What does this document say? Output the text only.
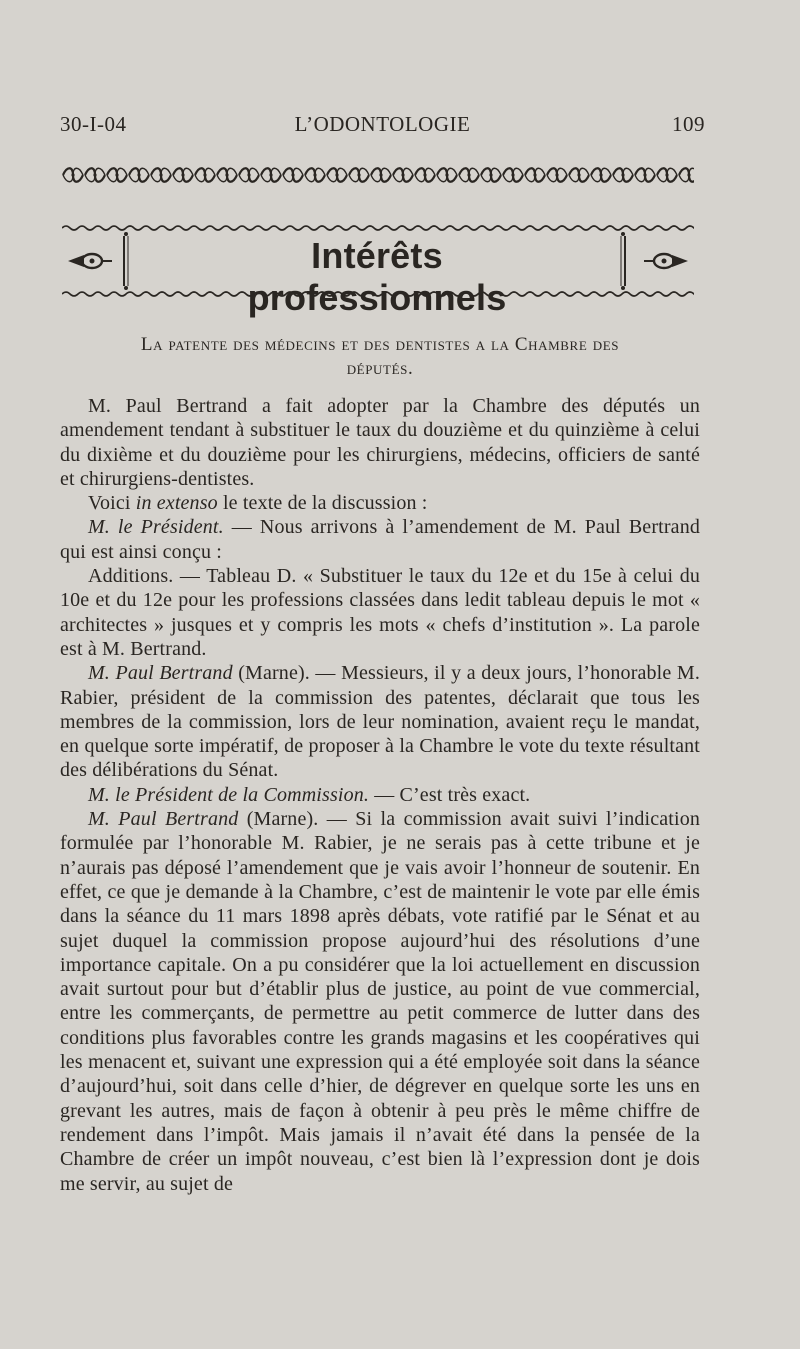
30-I-04	L’ODONTOLOGIE	109
Intérêts professionnels
La patente des médecins et des dentistes a la Chambre des
députés.

M. Paul Bertrand a fait adopter par la Chambre des députés un amendement tendant à substituer le taux du douzième et du quinzième à celui du dixième et du douzième pour les chirurgiens, médecins, officiers de santé et chirurgiens-dentistes.

Voici in extenso le texte de la discussion :

M. le Président. — Nous arrivons à l’amendement de M. Paul Bertrand qui est ainsi conçu :

Additions. — Tableau D. « Substituer le taux du 12e et du 15e à celui du 10e et du 12e pour les professions classées dans ledit tableau depuis le mot « architectes » jusques et y compris les mots « chefs d’institution ». La parole est à M. Bertrand.

M. Paul Bertrand (Marne). — Messieurs, il y a deux jours, l’honorable M. Rabier, président de la commission des patentes, déclarait que tous les membres de la commission, lors de leur nomination, avaient reçu le mandat, en quelque sorte impératif, de proposer à la Chambre le vote du texte résultant des délibérations du Sénat.

M. le Président de la Commission. — C’est très exact.

M. Paul Bertrand (Marne). — Si la commission avait suivi l’indication formulée par l’honorable M. Rabier, je ne serais pas à cette tribune et je n’aurais pas déposé l’amendement que je vais avoir l’honneur de soutenir. En effet, ce que je demande à la Chambre, c’est de maintenir le vote par elle émis dans la séance du 11 mars 1898 après débats, vote ratifié par le Sénat et au sujet duquel la commission propose aujourd’hui des résolutions d’une importance capitale. On a pu considérer que la loi actuellement en discussion avait surtout pour but d’établir plus de justice, au point de vue commercial, entre les commerçants, de permettre au petit commerce de lutter dans des conditions plus favorables contre les grands magasins et les coopératives qui les menacent et, suivant une expression qui a été employée soit dans la séance d’aujourd’hui, soit dans celle d’hier, de dégrever en quelque sorte les uns en grevant les autres, mais de façon à obtenir à peu près le même chiffre de rendement dans l’impôt. Mais jamais il n’avait été dans la pensée de la Chambre de créer un impôt nouveau, c’est bien là l’expression dont je dois me servir, au sujet de
